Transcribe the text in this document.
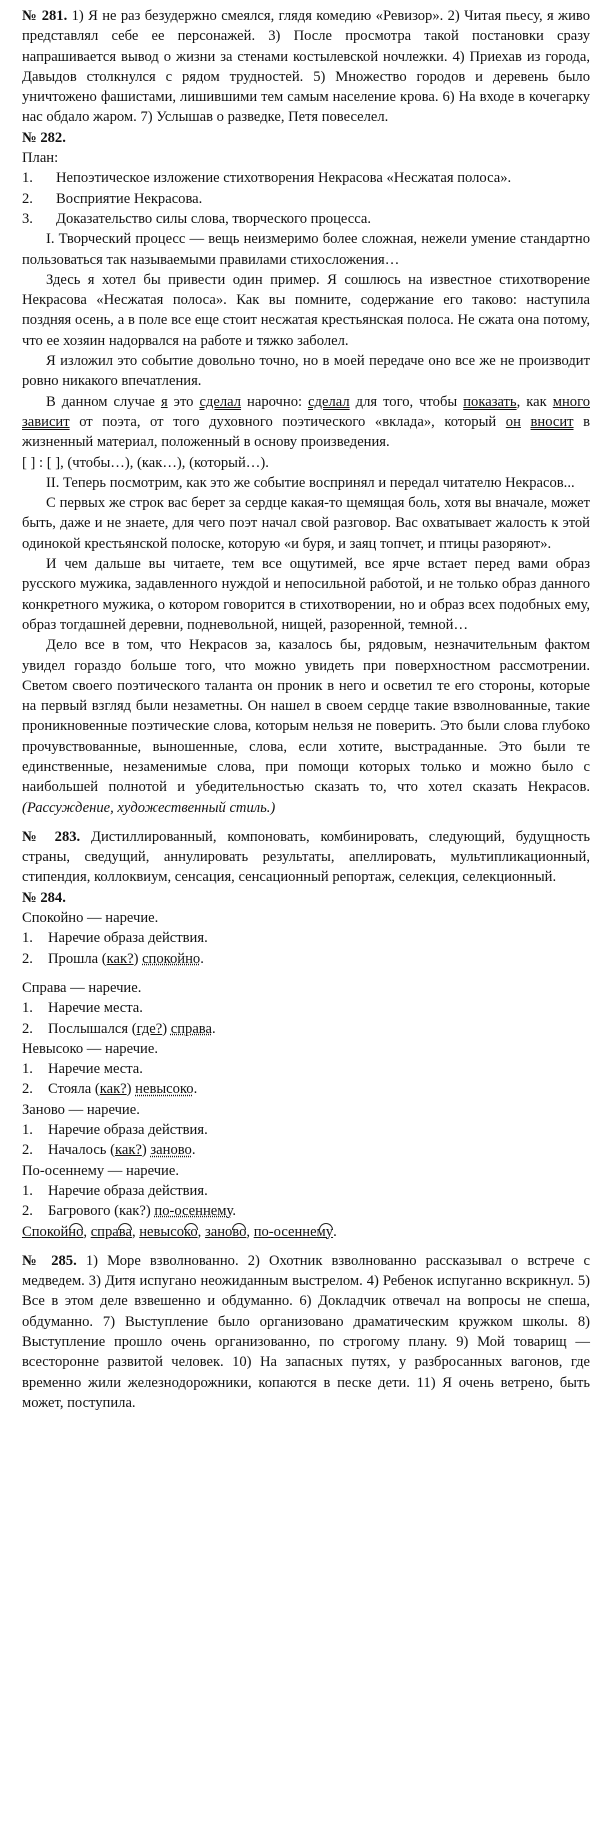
№ 281. 1) Я не раз безудержно смеялся, глядя комедию «Ревизор». 2) Читая пьесу, я живо представлял себе ее персонажей. 3) После просмотра такой постановки сразу напрашивается вывод о жизни за стенами костылевской ночлежки. 4) Приехав из города, Давыдов столкнулся с рядом трудностей. 5) Множество городов и деревень было уничтожено фашистами, лишившими тем самым население крова. 6) На входе в кочегарку нас обдало жаром. 7) Услышав о разведке, Петя повеселел.

№ 282.

План:

1.	Непоэтическое изложение стихотворения Некрасова «Несжатая полоса».
2.	Восприятие Некрасова.
3.	Доказательство силы слова, творческого процесса.

I. Творческий процесс — вещь неизмеримо более сложная, нежели умение стандартно пользоваться так называемыми правилами стихосложения…

Здесь я хотел бы привести один пример. Я сошлюсь на известное стихотворение Некрасова «Несжатая полоса». Как вы помните, содержание его таково: наступила поздняя осень, а в поле все еще стоит несжатая крестьянская полоса. Не сжата она потому, что ее хозяин надорвался на работе и тяжко заболел.

Я изложил это событие довольно точно, но в моей передаче оно все же не производит ровно никакого впечатления.

В данном случае я это сделал нарочно: сделал для того, чтобы показать, как много зависит от поэта, от того духовного поэтического «вклада», который он вносит в жизненный материал, положенный в основу произведения.

[ ] : [ ], (чтобы…), (как…), (который…).

II. Теперь посмотрим, как это же событие воспринял и передал читателю Некрасов...

С первых же строк вас берет за сердце какая-то щемящая боль, хотя вы вначале, может быть, даже и не знаете, для чего поэт начал свой разговор. Вас охватывает жалость к этой одинокой крестьянской полоске, которую «и буря, и заяц топчет, и птицы разоряют».

И чем дальше вы читаете, тем все ощутимей, все ярче встает перед вами образ русского мужика, задавленного нуждой и непосильной работой, и не только образ данного конкретного мужика, о котором говорится в стихотворении, но и образ всех подобных ему, образ тогдашней деревни, подневольной, нищей, разоренной, темной…

Дело все в том, что Некрасов за, казалось бы, рядовым, незначительным фактом увидел гораздо больше того, что можно увидеть при поверхностном рассмотрении. Светом своего поэтического таланта он проник в него и осветил те его стороны, которые на первый взгляд были незаметны. Он нашел в своем сердце такие взволнованные, такие проникновенные поэтические слова, которым нельзя не поверить. Это были слова глубоко прочувствованные, выношенные, слова, если хотите, выстраданные. Это были те единственные, незаменимые слова, при помощи которых только и можно было с наибольшей полнотой и убедительностью сказать то, что хотел сказать Некрасов. (Рассуждение, художественный стиль.)

№ 283. Дистиллированный, компоновать, комбинировать, следующий, будущность страны, сведущий, аннулировать результаты, апеллировать, мультипликационный, стипендия, коллоквиум, сенсация, сенсационный репортаж, селекция, селекционный.

№ 284.

Спокойно — наречие.

1.	Наречие образа действия.
2.	Прошла (как?) спокойно.

Справа — наречие.

1.	Наречие места.
2.	Послышался (где?) справа.

Невысоко — наречие.

1.	Наречие места.
2.	Стояла (как?) невысоко.

Заново — наречие.

1.	Наречие образа действия.
2.	Началось (как?) заново.

По-осеннему — наречие.

1.	Наречие образа действия.
2.	Багрового (как?) по-осеннему.

Спокойно, справа, невысоко, заново, по-осеннему.

№ 285. 1) Море взволнованно. 2) Охотник взволнованно рассказывал о встрече с медведем. 3) Дитя испугано неожиданным выстрелом. 4) Ребенок испуганно вскрикнул. 5) Все в этом деле взвешенно и обдуманно. 6) Докладчик отвечал на вопросы не спеша, обдуманно. 7) Выступление было организовано драматическим кружком школы. 8) Выступление прошло очень организованно, по строгому плану. 9) Мой товарищ — всесторонне развитой человек. 10) На запасных путях, у разбросанных вагонов, где временно жили железнодорожники, копаются в песке дети. 11) Я очень ветрено, быть может, поступила.
